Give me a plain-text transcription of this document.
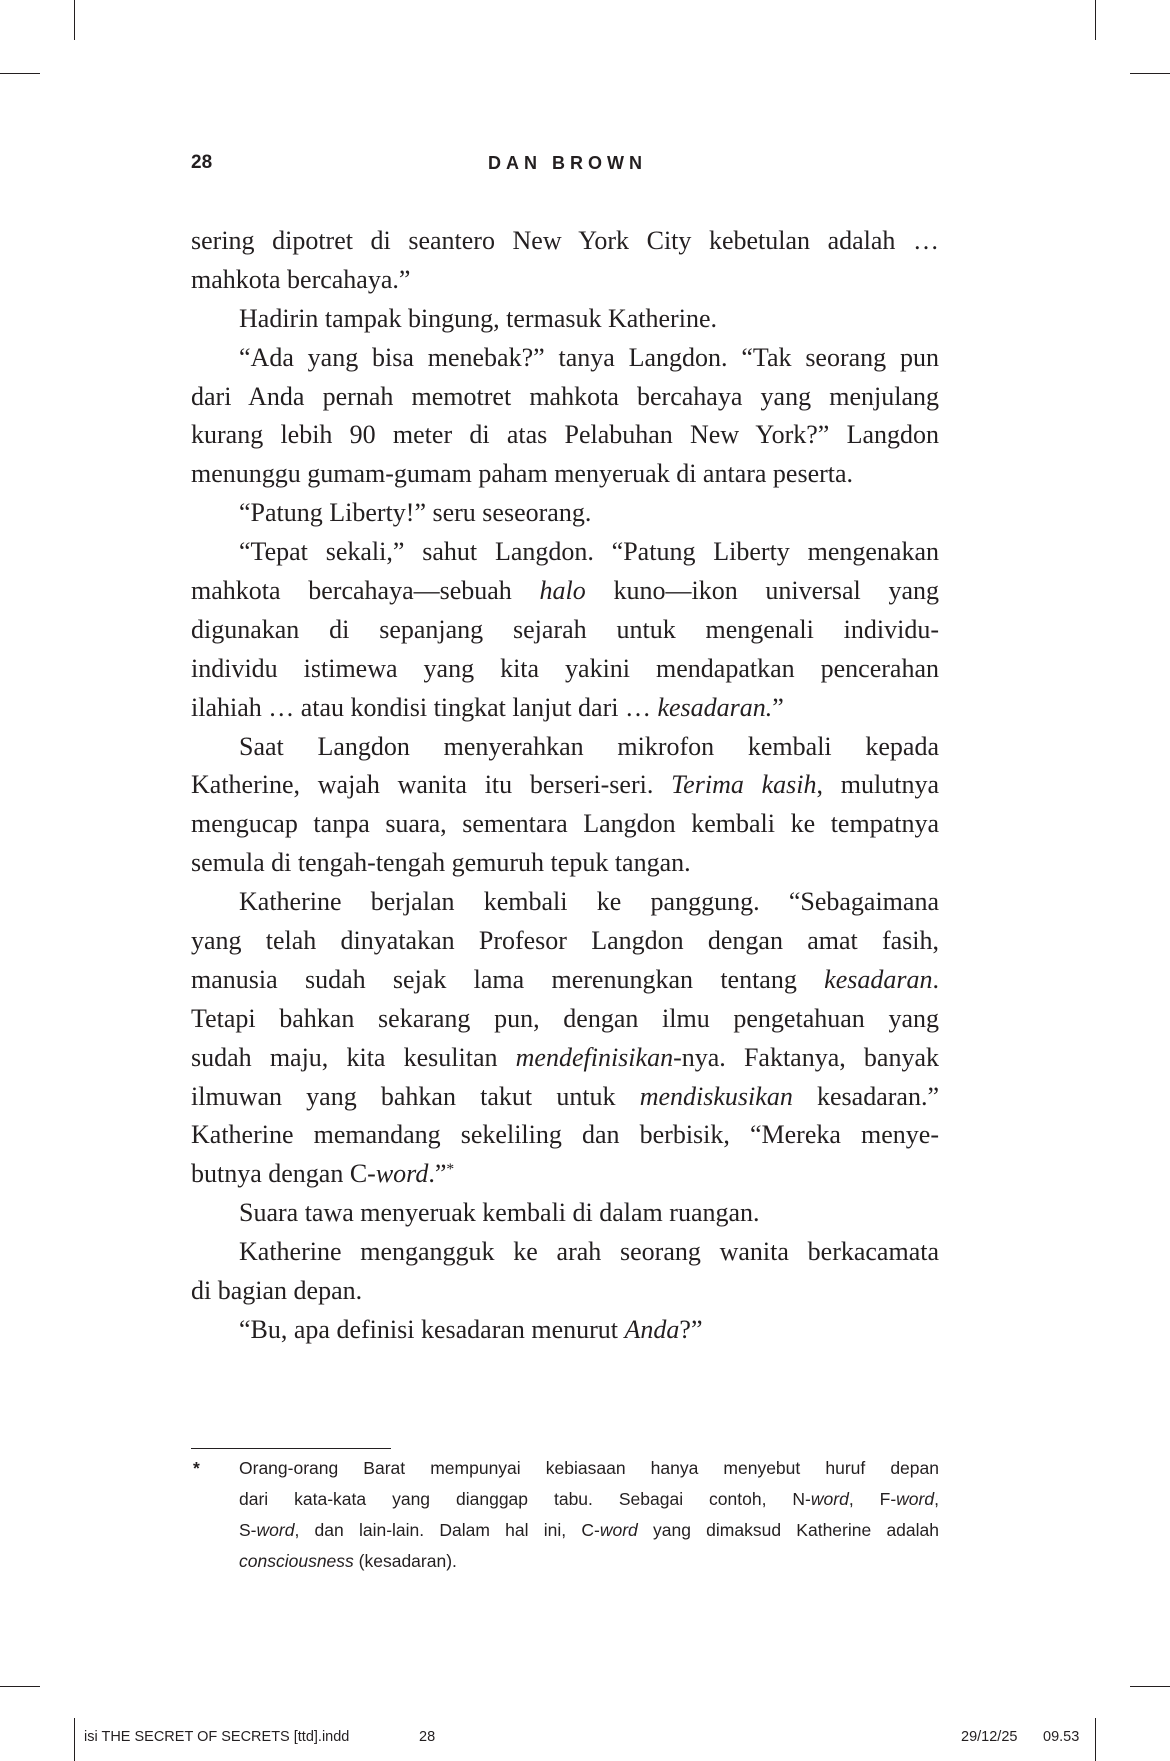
28	DAN BROWN
sering dipotret di seantero New York City kebetulan adalah …
mahkota bercahaya.”
Hadirin tampak bingung, termasuk Katherine.
“Ada yang bisa menebak?” tanya Langdon. “Tak seorang pun
dari Anda pernah memotret mahkota bercahaya yang menjulang
kurang lebih 90 meter di atas Pelabuhan New York?” Langdon
menunggu gumam-gumam paham menyeruak di antara peserta.
“Patung Liberty!” seru seseorang.
“Tepat sekali,” sahut Langdon. “Patung Liberty mengenakan
mahkota bercahaya—sebuah halo kuno—ikon universal yang
digunakan di sepanjang sejarah untuk mengenali individu-
individu istimewa yang kita yakini mendapatkan pencerahan
ilahiah … atau kondisi tingkat lanjut dari … kesadaran.”
Saat Langdon menyerahkan mikrofon kembali kepada
Katherine, wajah wanita itu berseri-seri. Terima kasih, mulutnya
mengucap tanpa suara, sementara Langdon kembali ke tempatnya
semula di tengah-tengah gemuruh tepuk tangan.
Katherine berjalan kembali ke panggung. “Sebagaimana
yang telah dinyatakan Profesor Langdon dengan amat fasih,
manusia sudah sejak lama merenungkan tentang kesadaran.
Tetapi bahkan sekarang pun, dengan ilmu pengetahuan yang
sudah maju, kita kesulitan mendefinisikan-nya. Faktanya, banyak
ilmuwan yang bahkan takut untuk mendiskusikan kesadaran.”
Katherine memandang sekeliling dan berbisik, “Mereka menye-
butnya dengan C-word.”*
Suara tawa menyeruak kembali di dalam ruangan.
Katherine mengangguk ke arah seorang wanita berkacamata
di bagian depan.
“Bu, apa definisi kesadaran menurut Anda?”
* Orang-orang Barat mempunyai kebiasaan hanya menyebut huruf depan
dari kata-kata yang dianggap tabu. Sebagai contoh, N-word, F-word,
S-word, dan lain-lain. Dalam hal ini, C-word yang dimaksud Katherine adalah
consciousness (kesadaran).
isi THE SECRET OF SECRETS [ttd].indd	28	29/12/25 09.53
